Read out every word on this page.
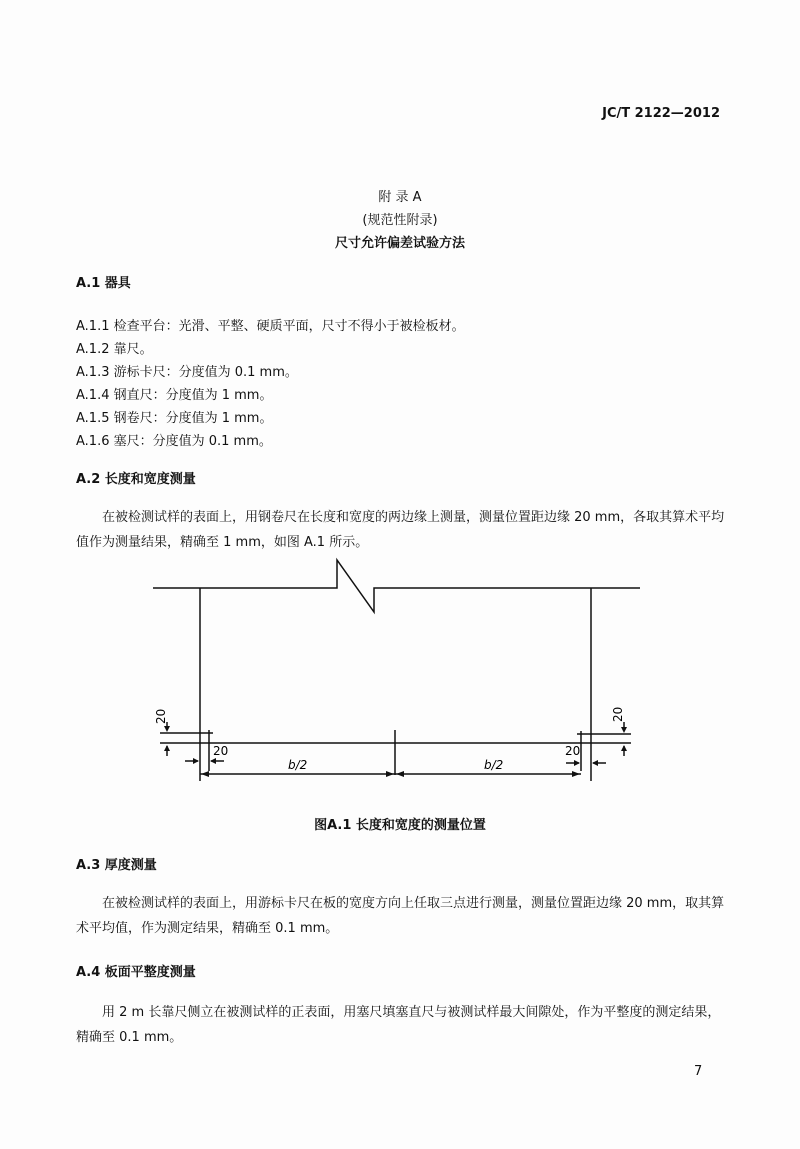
JC/T 2122—2012
附 录 A
(规范性附录)
尺寸允许偏差试验方法
A.1 器具
A.1.1 检查平台：光滑、平整、硬质平面，尺寸不得小于被检板材。
A.1.2 靠尺。
A.1.3 游标卡尺：分度值为 0.1 mm。
A.1.4 钢直尺：分度值为 1 mm。
A.1.5 钢卷尺：分度值为 1 mm。
A.1.6 塞尺：分度值为 0.1 mm。
A.2 长度和宽度测量

在被检测试样的表面上，用钢卷尺在长度和宽度的两边缘上测量，测量位置距边缘 20 mm，各取其算术平均值作为测量结果，精确至 1 mm，如图 A.1 所示。

20
20	20
20
b/2	b/2
图A.1 长度和宽度的测量位置
A.3 厚度测量

在被检测试样的表面上，用游标卡尺在板的宽度方向上任取三点进行测量，测量位置距边缘 20 mm，取其算术平均值，作为测定结果，精确至 0.1 mm。

A.4 板面平整度测量

用 2 m 长靠尺侧立在被测试样的正表面，用塞尺填塞直尺与被测试样最大间隙处，作为平整度的测定结果，精确至 0.1 mm。

7
